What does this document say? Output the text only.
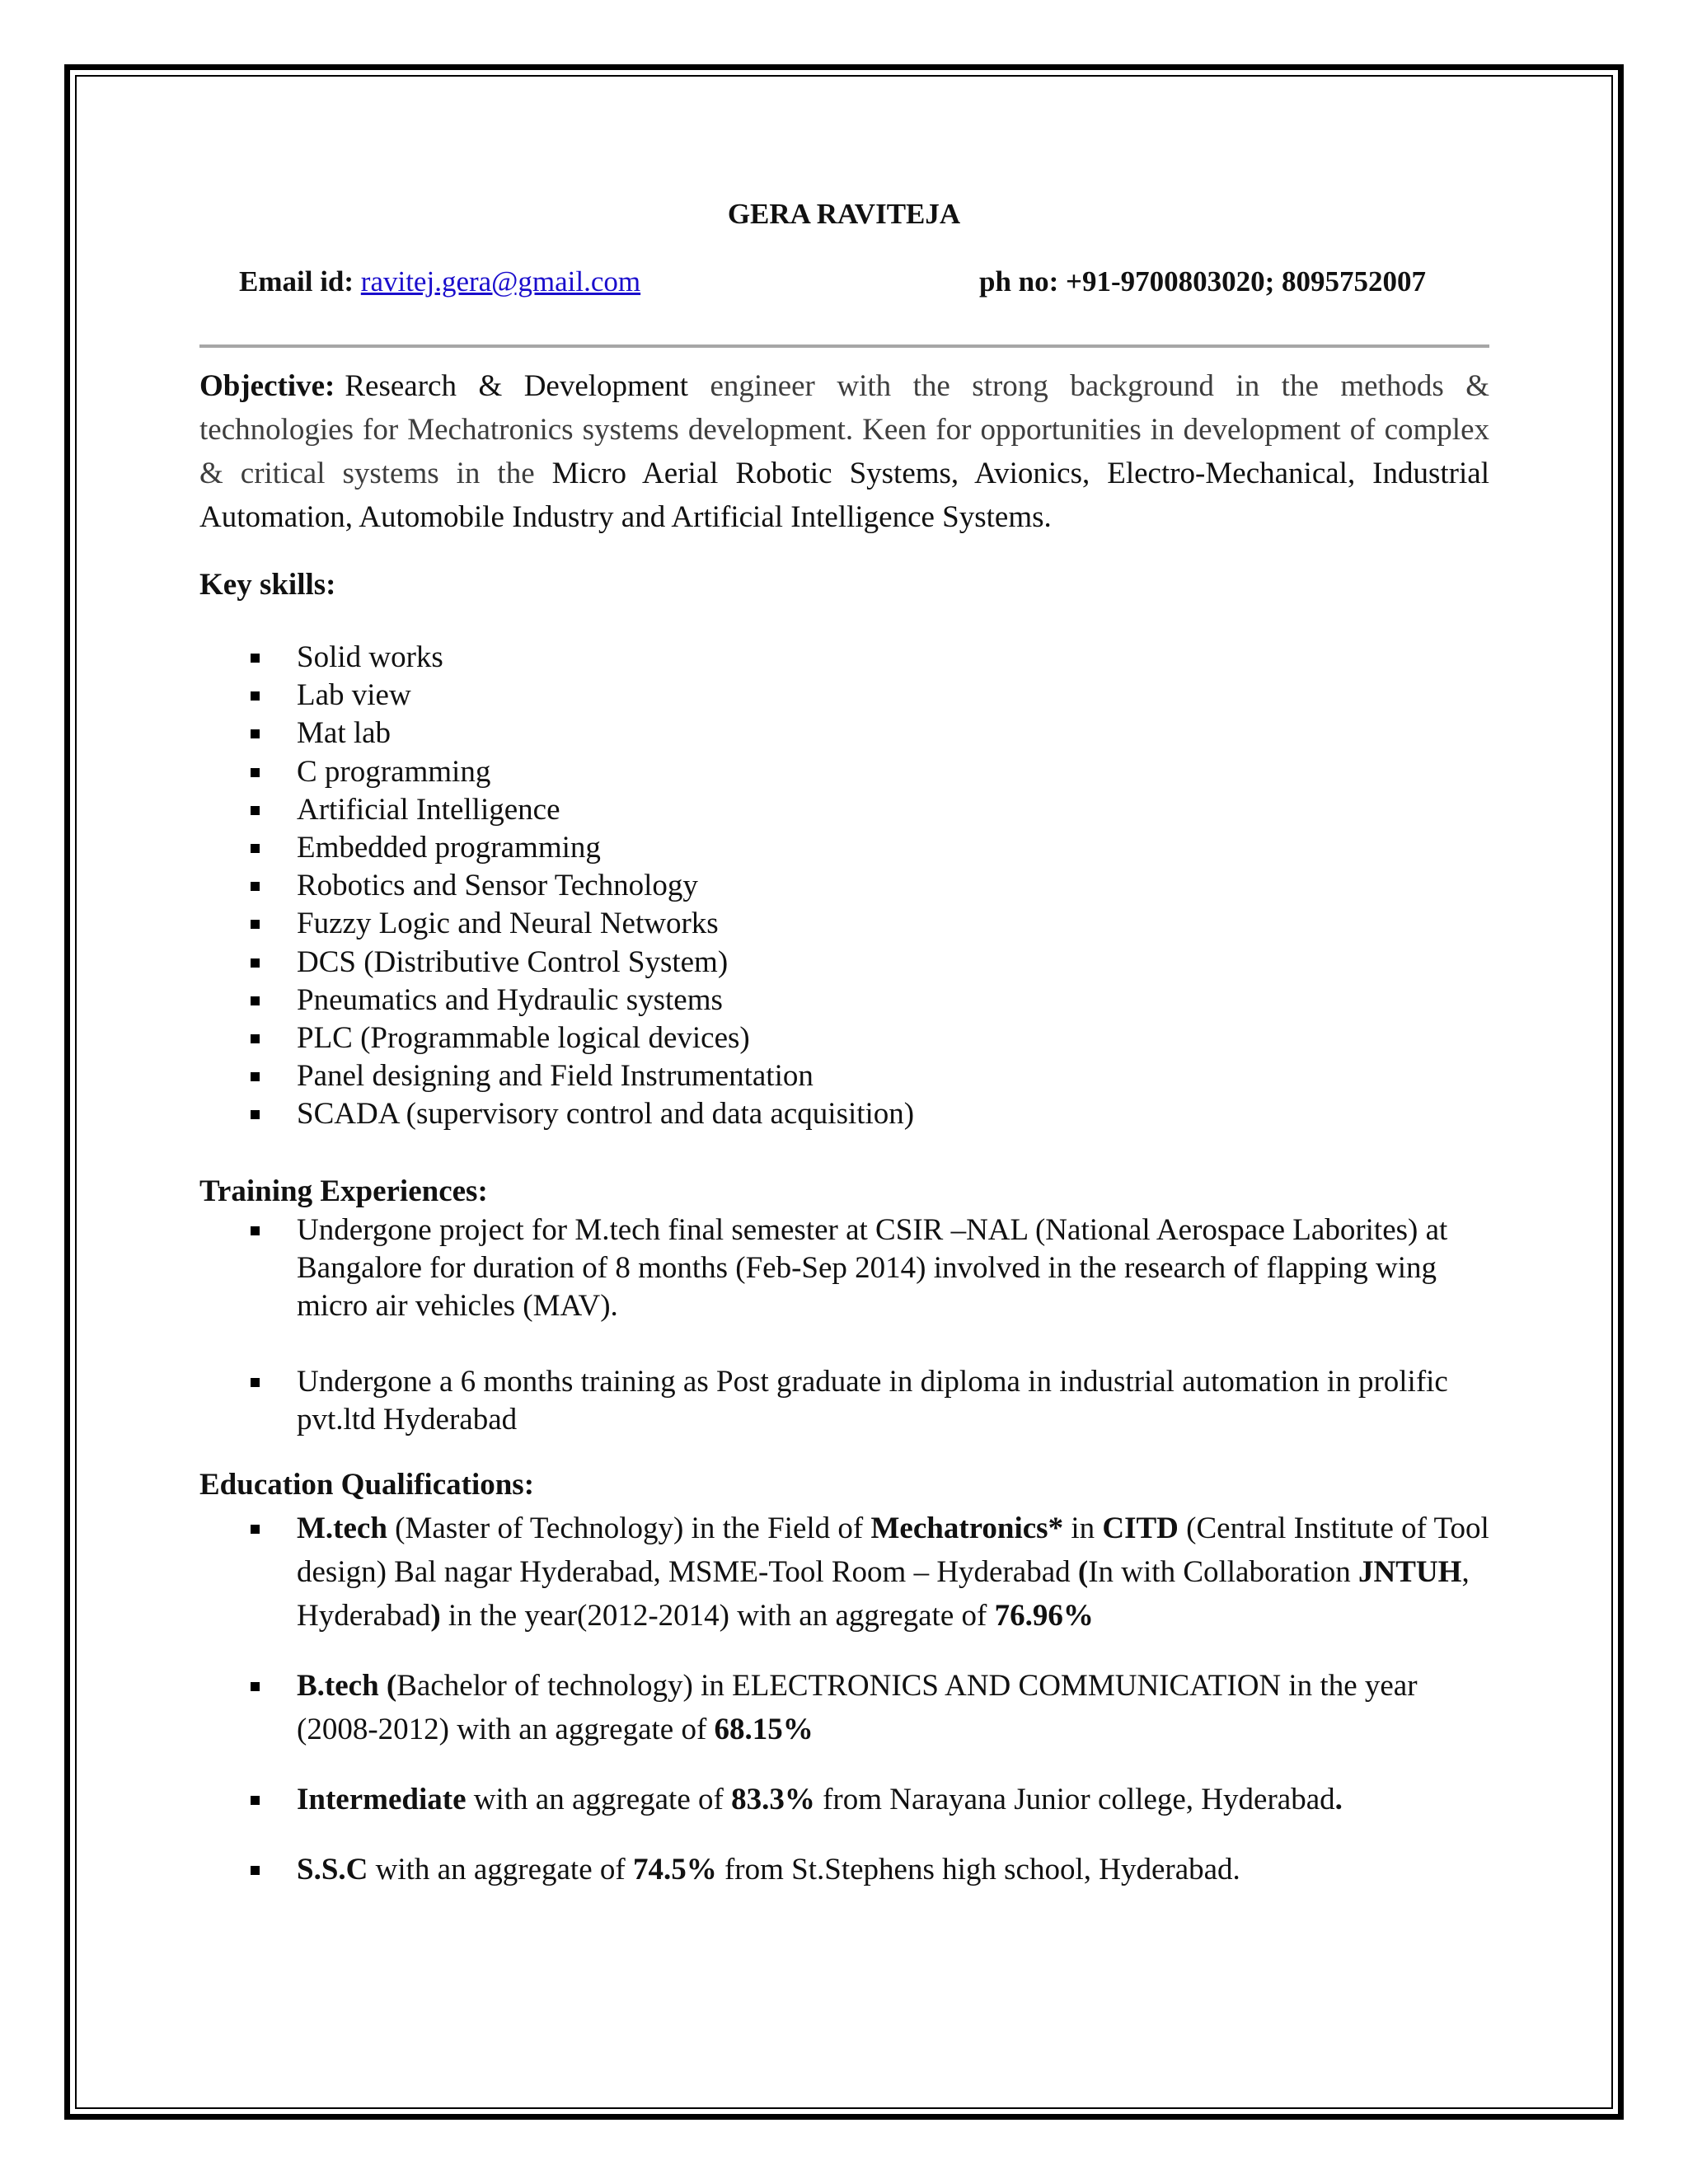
GERA RAVITEJA
Email id: ravitej.gera@gmail.com	ph no: +91-9700803020; 8095752007
Objective: Research & Development engineer with the strong background in the methods & technologies for Mechatronics systems development. Keen for opportunities in development of complex & critical systems in the Micro Aerial Robotic Systems, Avionics, Electro-Mechanical, Industrial Automation, Automobile Industry and Artificial Intelligence Systems.
Key skills:
Solid works
Lab view
Mat lab
C programming
Artificial Intelligence
Embedded programming
Robotics and Sensor Technology
Fuzzy Logic and Neural Networks
DCS (Distributive Control System)
Pneumatics and Hydraulic systems
PLC (Programmable logical devices)
Panel designing and Field Instrumentation
SCADA (supervisory control and data acquisition)
Training Experiences:
Undergone project for M.tech final semester at CSIR –NAL (National Aerospace Laborites) at Bangalore for duration of 8 months (Feb-Sep 2014) involved in the research of flapping wing micro air vehicles (MAV).
Undergone a 6 months training as Post graduate in diploma in industrial automation in prolific pvt.ltd Hyderabad
Education Qualifications:
M.tech (Master of Technology) in the Field of Mechatronics* in CITD (Central Institute of Tool design) Bal nagar Hyderabad, MSME-Tool Room – Hyderabad (In with Collaboration JNTUH, Hyderabad) in the year(2012-2014) with an aggregate of 76.96%
B.tech (Bachelor of technology) in ELECTRONICS AND COMMUNICATION in the year (2008-2012) with an aggregate of 68.15%
Intermediate with an aggregate of 83.3% from Narayana Junior college, Hyderabad.
S.S.C with an aggregate of 74.5% from St.Stephens high school, Hyderabad.
